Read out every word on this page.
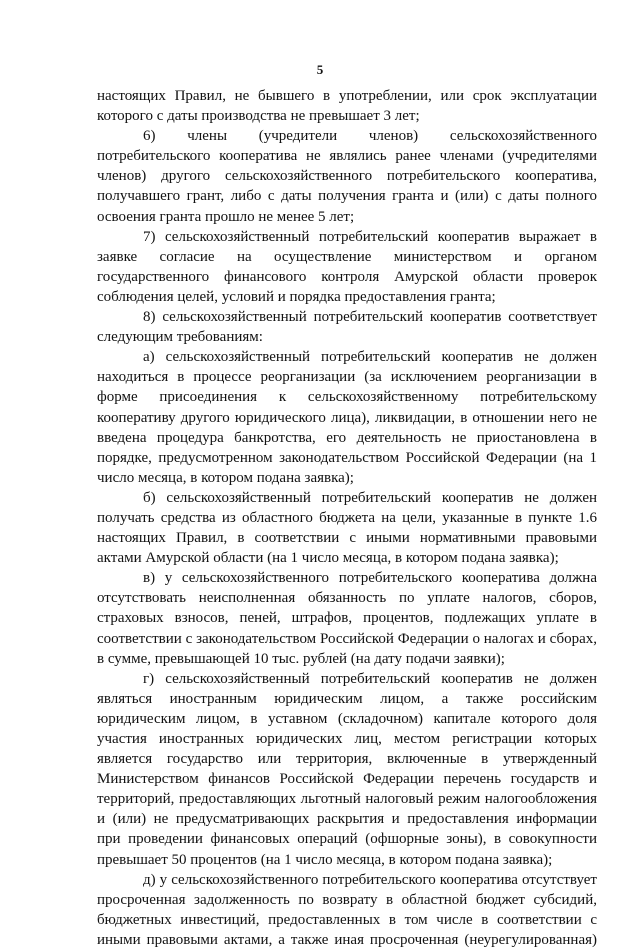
5

настоящих Правил, не бывшего в употреблении, или срок эксплуатации которого с даты производства не превышает 3 лет;

6) члены (учредители членов) сельскохозяйственного потребительского кооператива не являлись ранее членами (учредителями членов) другого сельскохозяйственного потребительского кооператива, получавшего грант, либо с даты получения гранта и (или) с даты полного освоения гранта прошло не менее 5 лет;

7) сельскохозяйственный потребительский кооператив выражает в заявке согласие на осуществление министерством и органом государственного финансового контроля Амурской области проверок соблюдения целей, условий и порядка предоставления гранта;

8) сельскохозяйственный потребительский кооператив соответствует следующим требованиям:

а) сельскохозяйственный потребительский кооператив не должен находиться в процессе реорганизации (за исключением реорганизации в форме присоединения к сельскохозяйственному потребительскому кооперативу другого юридического лица), ликвидации, в отношении него не введена процедура банкротства, его деятельность не приостановлена в порядке, предусмотренном законодательством Российской Федерации (на 1 число месяца, в котором подана заявка);

б) сельскохозяйственный потребительский кооператив не должен получать средства из областного бюджета на цели, указанные в пункте 1.6 настоящих Правил, в соответствии с иными нормативными правовыми актами Амурской области (на 1 число месяца, в котором подана заявка);

в) у сельскохозяйственного потребительского кооператива должна отсутствовать неисполненная обязанность по уплате налогов, сборов, страховых взносов, пеней, штрафов, процентов, подлежащих уплате в соответствии с законодательством Российской Федерации о налогах и сборах, в сумме, превышающей 10 тыс. рублей (на дату подачи заявки);

г) сельскохозяйственный потребительский кооператив не должен являться иностранным юридическим лицом, а также российским юридическим лицом, в уставном (складочном) капитале которого доля участия иностранных юридических лиц, местом регистрации которых является государство или территория, включенные в утвержденный Министерством финансов Российской Федерации перечень государств и территорий, предоставляющих льготный налоговый режим налогообложения и (или) не предусматривающих раскрытия и предоставления информации при проведении финансовых операций (офшорные зоны), в совокупности превышает 50 процентов (на 1 число месяца, в котором подана заявка);

д) у сельскохозяйственного потребительского кооператива отсутствует просроченная задолженность по возврату в областной бюджет субсидий, бюджетных инвестиций, предоставленных в том числе в соответствии с иными правовыми актами, а также иная просроченная (неурегулированная)
